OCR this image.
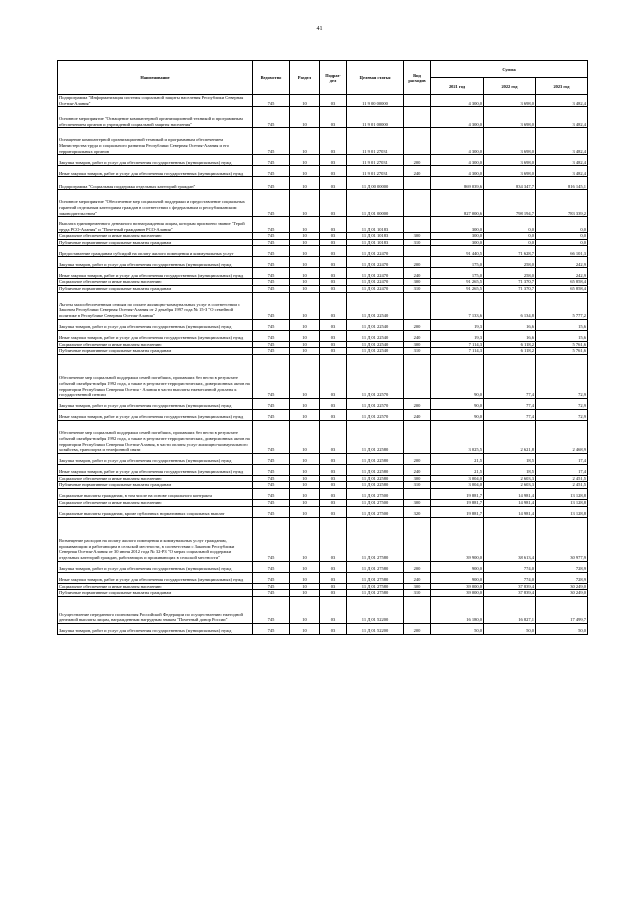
41
Наименование	Ведомство	Раздел	Подраз-
дел	Целевая статья	Вид
расходов	Сумма		
						2021 год	2022 год	2023 год
Подпрограмма "Информатизация системы социальной защиты населения Республики Северная Осетия-Алания"	745	10	03	11 9 00 00000		4 300,0	3 698,0	3 482,4
Основное мероприятие "Оснащение компьютерной организационной техникой и программным обеспечением органов и учреждений социальной защиты населения"	745	10	03	11 9 01 00000		4 300,0	3 698,0	3 482,4
Оснащение компьютерной организационной техникой и программным обеспечением Министерства труда и социального развития Республики Северная Осетия-Алания и его территориальных органов	745	10	03	11 9 01 27031		4 300,0	3 698,0	3 482,4
Закупка товаров, работ и услуг для обеспечения государственных (муниципальных) нужд	745	10	03	11 9 01 27031	200	4 300,0	3 698,0	3 482,4
Иные закупки товаров, работ и услуг для обеспечения государственных (муниципальных) нужд	745	10	03	11 9 01 27031	240	4 300,0	3 698,0	3 482,4
Подпрограмма "Социальная поддержка отдельных категорий граждан"	745	10	03	11 Д 00 00000		869 039,6	834 347,7	816 145,1
Основное мероприятие "Обеспечение мер социальной поддержки и предоставление социальных гарантий отдельным категориям граждан в соответствии с федеральным и республиканским законодательством"	745	10	03	11 Д 01 00000		827 000,6	798 194,7	783 339,2
Выплата единовременного денежного вознаграждения лицам, которым присвоено звание "Герой труда РСО-Алания" и "Почетный гражданин РСО-Алания"	745	10	03	11 Д 01 10183		300,0	0,0	0,0
Социальное обеспечение и иные выплаты населению	745	10	03	11 Д 01 10183	300	300,0	0,0	0,0
Публичные нормативные социальные выплаты гражданам	745	10	03	11 Д 01 10183	310	300,0	0,0	0,0
Предоставление гражданам субсидий на оплату жилого помещения и коммунальных услуг	745	10	03	11 Д 01 22470		91 440,5	71 628,7	66 101,3
Закупка товаров, работ и услуг для обеспечения государственных (муниципальных) нужд	745	10	03	11 Д 01 22470	200	175,0	258,0	242,9
Иные закупки товаров, работ и услуг для обеспечения государственных (муниципальных) нужд	745	10	03	11 Д 01 22470	240	175,0	258,0	242,9
Социальное обеспечение и иные выплаты населению	745	10	03	11 Д 01 22470	300	91 265,5	71 370,7	65 858,4
Публичные нормативные социальные выплаты гражданам	745	10	03	11 Д 01 22470	310	91 265,5	71 370,7	65 858,4
Льготы малообеспеченным семьям по оплате жилищно-коммунальных услуг в соответствии с Законом Республики Северная Осетия-Алания от 2 декабря 1997 года № 15-З "О семейной политике в Республике Северная Осетия-Алания"	745	10	03	11 Д 01 22540		7 133,6	6 134,8	5 777,2
Закупка товаров, работ и услуг для обеспечения государственных (муниципальных) нужд	745	10	03	11 Д 01 22540	200	19,3	16,6	15,6
Иные закупки товаров, работ и услуг для обеспечения государственных (муниципальных) нужд	745	10	03	11 Д 01 22540	240	19,3	16,6	15,6
Социальное обеспечение и иные выплаты населению	745	10	03	11 Д 01 22540	300	7 114,3	6 118,2	5 761,6
Публичные нормативные социальные выплаты гражданам	745	10	03	11 Д 01 22540	310	7 114,3	6 118,2	5 761,6
Обеспечение мер социальной поддержки семей погибших, пропавших без вести в результате событий октября-ноября 1992 года, а также в результате террористических, диверсионных актов на территории Республики Северная Осетия - Алания в части выплаты ежемесячной доплаты к государственной пенсии	745	10	03	11 Д 01 22570		90,0	77,4	72,9
Закупка товаров, работ и услуг для обеспечения государственных (муниципальных) нужд	745	10	03	11 Д 01 22570	200	90,0	77,4	72,9
Иные закупки товаров, работ и услуг для обеспечения государственных (муниципальных) нужд	745	10	03	11 Д 01 22570	240	90,0	77,4	72,9
Обеспечение мер социальной поддержки семей погибших, пропавших без вести в результате событий октября-ноября 1992 года, а также в результате террористических, диверсионных актов на территории Республики Северная Осетия-Алания, в части оплаты услуг жилищно-коммунального хозяйства, транспорта и телефонной связи	745	10	03	11 Д 01 22580		3 025,5	2 621,8	2 468,9
Закупка товаров, работ и услуг для обеспечения государственных (муниципальных) нужд	745	10	03	11 Д 01 22580	200	21,5	18,5	17,4
Иные закупки товаров, работ и услуг для обеспечения государственных (муниципальных) нужд	745	10	03	11 Д 01 22580	240	21,5	18,5	17,4
Социальное обеспечение и иные выплаты населению	745	10	03	11 Д 01 22580	300	3 004,0	2 603,3	2 451,5
Публичные нормативные социальные выплаты гражданам	745	10	03	11 Д 01 22580	310	3 004,0	2 603,3	2 451,5
Социальные выплаты гражданам, в том числе на основе социального контракта	745	10	03	11 Д 01 27500		19 881,7	14 981,4	13 128,8
Социальное обеспечение и иные выплаты населению	745	10	03	11 Д 01 27500	300	19 881,7	14 981,4	13 128,8
Социальные выплаты гражданам, кроме публичных нормативных социальных выплат	745	10	03	11 Д 01 27500	320	19 881,7	14 981,4	13 128,8
Возмещение расходов на оплату жилого помещения и коммунальных услуг гражданам, проживающим и работающим в сельской местности, в соответствии с Законом Республики Северная Осетия-Алания от 30 июня 2012 года № 32-РЗ "О мерах социальной поддержки отдельных категорий граждан, работающих и проживающих в сельской местности"	745	10	03	11 Д 01 27580		39 900,0	38 613,4	30 977,9
Закупка товаров, работ и услуг для обеспечения государственных (муниципальных) нужд	745	10	03	11 Д 01 27580	200	900,0	774,0	728,9
Иные закупки товаров, работ и услуг для обеспечения государственных (муниципальных) нужд	745	10	03	11 Д 01 27580	240	900,0	774,0	728,9
Социальное обеспечение и иные выплаты населению	745	10	03	11 Д 01 27580	300	39 000,0	37 839,4	30 249,0
Публичные нормативные социальные выплаты гражданам	745	10	03	11 Д 01 27580	310	39 000,0	37 839,4	30 249,0
Осуществление переданного полномочия Российской Федерации по осуществлению ежегодной денежной выплаты лицам, награжденным нагрудным знаком "Почетный донор России"	745	10	03	11 Д 01 52200		16 180,0	16 827,1	17 499,7
Закупка товаров, работ и услуг для обеспечения государственных (муниципальных) нужд	745	10	03	11 Д 01 52200	200	50,0	50,0	50,0
